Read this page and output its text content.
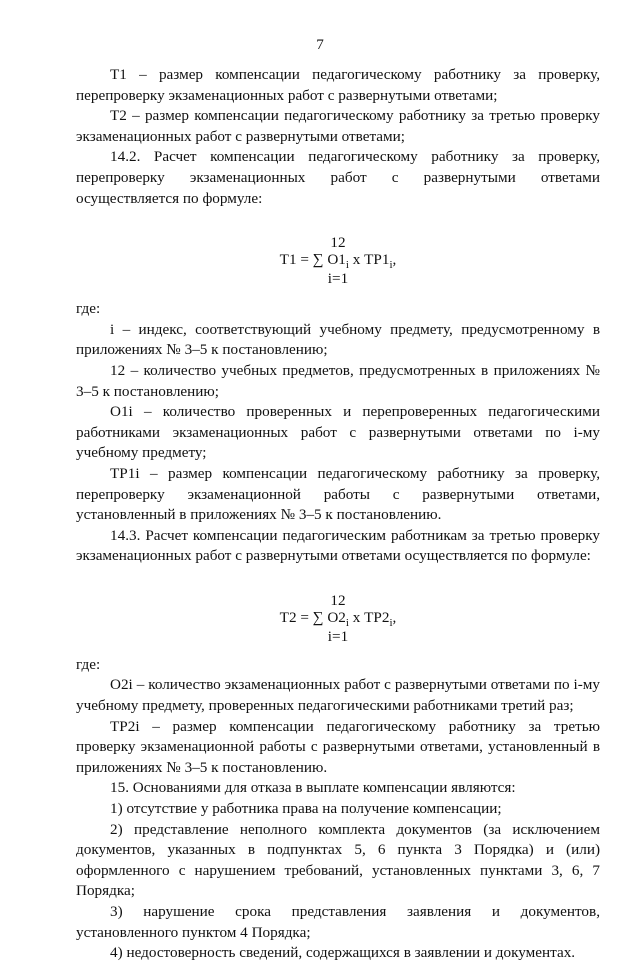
7

Т1 – размер компенсации педагогическому работнику за проверку, перепроверку экзаменационных работ с развернутыми ответами;

Т2 – размер компенсации педагогическому работнику за третью проверку экзаменационных работ с развернутыми ответами;

14.2. Расчет компенсации педагогическому работнику за проверку, перепроверку экзаменационных работ с развернутыми ответами осуществляется по формуле:

12
Т1 = ∑ $О1_i$ x $ТР1_i$,
i=1

где:

i – индекс, соответствующий учебному предмету, предусмотренному в приложениях № 3–5 к постановлению;

12 – количество учебных предметов, предусмотренных в приложениях № 3–5 к постановлению;

О1i – количество проверенных и перепроверенных педагогическими работниками экзаменационных работ с развернутыми ответами по i-му учебному предмету;

ТР1i – размер компенсации педагогическому работнику за проверку, перепроверку экзаменационной работы с развернутыми ответами, установленный в приложениях № 3–5 к постановлению.

14.3. Расчет компенсации педагогическим работникам за третью проверку экзаменационных работ с развернутыми ответами осуществляется по формуле:

12
Т2 = ∑ $О2_i$ x $ТР2_i$,
i=1

где:

О2i – количество экзаменационных работ с развернутыми ответами по i-му учебному предмету, проверенных педагогическими работниками третий раз;

ТР2i – размер компенсации педагогическому работнику за третью проверку экзаменационной работы с развернутыми ответами, установленный в приложениях № 3–5 к постановлению.

15. Основаниями для отказа в выплате компенсации являются:

1) отсутствие у работника права на получение компенсации;

2) представление неполного комплекта документов (за исключением документов, указанных в подпунктах 5, 6 пункта 3 Порядка) и (или) оформленного с нарушением требований, установленных пунктами 3, 6, 7 Порядка;

3) нарушение срока представления заявления и документов, установленного пунктом 4 Порядка;

4) недостоверность сведений, содержащихся в заявлении и документах.
